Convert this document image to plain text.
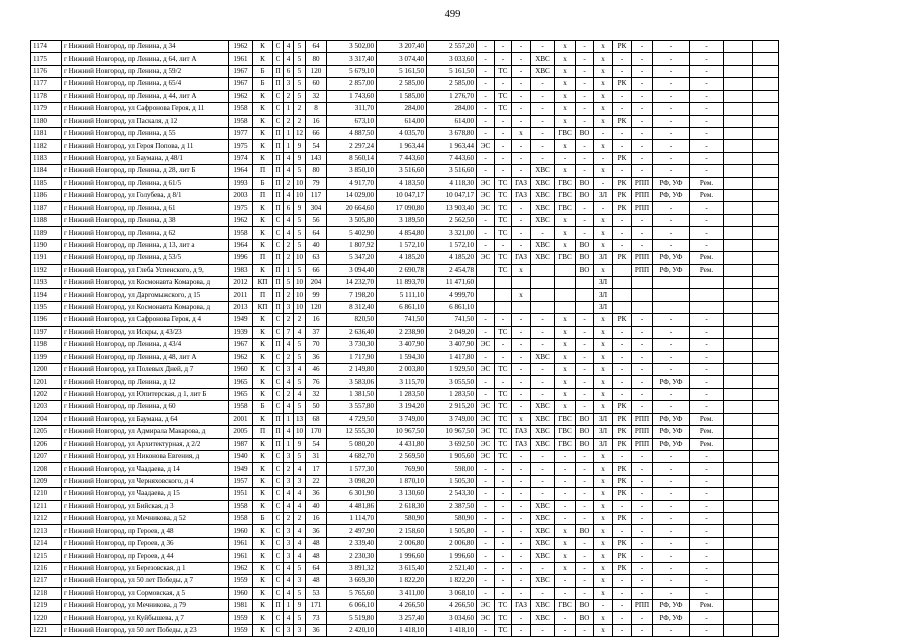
499
1174	г Нижний Новгород, пр Ленина, д 34	1962	К	С	4	5	64	3 502,00	3 207,40	2 557,20	-	-	-	-	х	-	х	РК	-	-	-		
1175	г Нижний Новгород, пр Ленина, д 64, лит А	1961	К	С	4	5	80	3 317,40	3 074,40	3 033,60	-	-	-	ХВС	х	-	х	-	-	-	-		
1176	г Нижний Новгород, пр Ленина, д 59/2	1967	Б	П	6	5	120	5 679,10	5 161,50	5 161,50	-	ТС	-	ХВС	х	-	х	-	-	-	-		
1177	г Нижний Новгород, пр Ленина, д 65/4	1967	Б	П	3	5	60	2 857,00	2 585,00	2 585,00	-	-	-	-	х	-	х	РК	-	-	-		
1178	г Нижний Новгород, пр Ленина, д 44, лит А	1962	К	С	2	5	32	1 743,60	1 585,00	1 276,70	-	ТС	-	-	х	-	х	-	-	-	-		
1179	г Нижний Новгород, ул Сафронова Героя, д 11	1958	К	С	1	2	8	311,70	284,00	284,00	-	ТС	-	-	х	-	х	-	-	-	-		
1180	г Нижний Новгород, ул Паскаля, д 12	1958	К	С	2	2	16	673,10	614,00	614,00	-	-	-	-	х	-	х	РК	-	-	-		
1181	г Нижний Новгород, пр Ленина, д 55	1977	К	П	1	12	66	4 887,50	4 035,70	3 678,80	-	-	х	-	ГВС	ВО	-	-	-	-	-		
1182	г Нижний Новгород, ул Героя Попова, д 11	1975	К	П	1	9	54	2 297,24	1 963,44	1 963,44	ЭС	-	-	-	х	-	х	-	-	-	-		
1183	г Нижний Новгород, ул Баумана, д 48/1	1974	К	П	4	9	143	8 560,14	7 443,60	7 443,60	-	-	-	-	-	-	-	РК	-	-	-		
1184	г Нижний Новгород, пр Ленина, д 28, лит Б	1964	П	П	4	5	80	3 850,10	3 516,60	3 516,60	-	-	-	ХВС	х	-	х	-	-	-	-		
1185	г Нижний Новгород, пр Ленина, д 61/5	1993	Б	П	2	10	79	4 917,70	4 183,50	4 118,30	ЭС	ТС	ГАЗ	ХВС	ГВС	ВО	-	РК	РПП	РФ, УФ	Рем.		
1186	г Нижний Новгород, ул Голубева, д 8/1	2003	П	П	4	10	117	14 029,00	10 047,17	10 047,17	ЭС	ТС	ГАЗ	ХВС	ГВС	ВО	ЗЛ	РК	РПП	РФ, УФ	Рем.		
1187	г Нижний Новгород, пр Ленина, д 61	1975	К	П	6	9	304	20 664,60	17 090,80	13 903,40	ЭС	ТС	-	ХВС	ГВС	-	-	РК	РПП	-	-		
1188	г Нижний Новгород, пр Ленина, д 38	1962	К	С	4	5	56	3 505,80	3 189,50	2 562,50	-	ТС	-	ХВС	х	-	х	-	-	-	-		
1189	г Нижний Новгород, пр Ленина, д 62	1958	К	С	4	5	64	5 402,90	4 854,80	3 321,00	-	ТС	-	-	х	-	х	-	-	-	-		
1190	г Нижний Новгород, пр Ленина, д 13, лит а	1964	К	С	2	5	40	1 807,92	1 572,10	1 572,10	-	-	-	ХВС	х	ВО	х	-	-	-	-		
1191	г Нижний Новгород, пр Ленина, д 53/5	1996	П	П	2	10	63	5 347,20	4 185,20	4 185,20	ЭС	ТС	ГАЗ	ХВС	ГВС	ВО	ЗЛ	РК	РПП	РФ, УФ	Рем.		
1192	г Нижний Новгород, ул Глеба Успенского, д 9,	1983	К	П	1	5	66	3 094,40	2 690,78	2 454,78		ТС	х			ВО	х		РПП	РФ, УФ	Рем.		
1193	г Нижний Новгород, ул Космонавта Комарова, д	2012	КП	П	5	10	204	14 232,70	11 893,70	11 471,60							ЗЛ						
1194	г Нижний Новгород, ул Даргомыжского, д 15	2011	П	П	2	10	99	7 198,20	5 111,10	4 999,70			х				ЗЛ						
1195	г Нижний Новгород, ул Космонавта Комарова, д	2013	КП	П	3	10	120	8 312,40	6 861,10	6 861,10							ЗЛ						
1196	г Нижний Новгород, ул Сафронова Героя, д 4	1949	К	С	2	2	16	820,50	741,50	741,50	-	-	-	-	х	-	х	РК	-	-	-		
1197	г Нижний Новгород, ул Искры, д 43/23	1939	К	С	7	4	37	2 636,40	2 238,90	2 049,20	-	ТС	-	-	х	-	х	-	-	-	-		
1198	г Нижний Новгород, пр Ленина, д 43/4	1967	К	П	4	5	70	3 730,30	3 407,90	3 407,90	ЭС	-	-	-	х	-	х	-	-	-	-		
1199	г Нижний Новгород, пр Ленина, д 48, лит А	1962	К	С	2	5	36	1 717,90	1 594,30	1 417,80	-	-	-	ХВС	х	-	х	-	-	-	-		
1200	г Нижний Новгород, ул Полевых Дней, д 7	1960	К	С	3	4	46	2 149,80	2 003,80	1 929,50	ЭС	ТС	-	-	х	-	х	-	-	-	-		
1201	г Нижний Новгород, пр Ленина, д 12	1965	К	С	4	5	76	3 583,06	3 115,70	3 055,50	-	-	-	-	х	-	х	-	-	РФ, УФ	-		
1202	г Нижний Новгород, ул Юпитерская, д 1, лит Б	1965	К	С	2	4	32	1 381,50	1 283,50	1 283,50	-	ТС	-	-	х	-	х	-	-	-	-		
1203	г Нижний Новгород, пр Ленина, д 60	1958	Б	С	4	5	50	3 557,80	3 194,20	2 915,20	ЭС	ТС	-	ХВС	х	-	х	РК	-	-	-		
1204	г Нижний Новгород, ул Баумана, д 64	2001	К	П	1	13	68	4 729,50	3 749,00	3 749,00	ЭС	ТС	х	ХВС	ГВС	ВО	ЗЛ	РК	РПП	РФ, УФ	Рем.		
1205	г Нижний Новгород, ул Адмирала Макарова, д	2005	П	П	4	10	170	12 555,30	10 967,50	10 967,50	ЭС	ТС	ГАЗ	ХВС	ГВС	ВО	ЗЛ	РК	РПП	РФ, УФ	Рем.		
1206	г Нижний Новгород, ул Архитектурная, д 2/2	1987	К	П	1	9	54	5 080,20	4 431,80	3 692,50	ЭС	ТС	ГАЗ	ХВС	ГВС	ВО	ЗЛ	РК	РПП	РФ, УФ	Рем.		
1207	г Нижний Новгород, ул Никонова Евгения, д	1940	К	С	3	5	31	4 682,70	2 569,50	1 905,60	ЭС	ТС	-	-	-	-	х	-	-	-	-		
1208	г Нижний Новгород, ул Чаадаева, д 14	1949	К	С	2	4	17	1 577,30	769,90	598,00	-	-	-	-	-	-	х	РК	-	-	-		
1209	г Нижний Новгород, ул Черняховского, д 4	1957	К	С	3	3	22	3 098,20	1 870,10	1 505,30	-	-	-	-	-	-	х	РК	-	-	-		
1210	г Нижний Новгород, ул Чаадаева, д 15	1951	К	С	4	4	36	6 301,90	3 130,60	2 543,30	-	-	-	-	-	-	х	РК	-	-	-		
1211	г Нижний Новгород, ул Бийская, д 3	1958	К	С	4	4	40	4 481,86	2 618,30	2 387,50	-	-	-	ХВС	-	-	х	-	-	-	-		
1212	г Нижний Новгород, ул Мечникова, д 52	1958	Б	С	2	2	16	1 114,70	580,90	580,90	-	-	-	ХВС	-	-	х	РК	-	-	-		
1213	г Нижний Новгород, пр Героев, д 48	1960	К	С	3	4	36	2 497,90	2 158,60	1 505,80	-	-	-	ХВС	х	ВО	х	-	-	-	-		
1214	г Нижний Новгород, пр Героев, д 36	1961	К	С	3	4	48	2 339,40	2 006,80	2 006,80	-	-	-	ХВС	х	-	х	РК	-	-	-		
1215	г Нижний Новгород, пр Героев, д 44	1961	К	С	3	4	48	2 230,30	1 996,60	1 996,60	-	-	-	ХВС	х	-	х	РК	-	-	-		
1216	г Нижний Новгород, ул Березовская, д 1	1962	К	С	4	5	64	3 891,32	3 615,40	2 521,40	-	-	-	-	х	-	х	РК	-	-	-		
1217	г Нижний Новгород, ул 50 лет Победы, д 7	1959	К	С	4	3	48	3 669,30	1 822,20	1 822,20	-	-	-	ХВС	-	-	х	-	-	-	-		
1218	г Нижний Новгород, ул Сормовская, д 5	1960	К	С	4	5	53	5 765,60	3 411,00	3 068,10	-	-	-	-	-	-	х	-	-	-	-		
1219	г Нижний Новгород, ул Мечникова, д 79	1981	К	П	1	9	171	6 066,10	4 266,50	4 266,50	ЭС	ТС	ГАЗ	ХВС	ГВС	ВО	-	-	РПП	РФ, УФ	Рем.		
1220	г Нижний Новгород, ул Куйбышева, д 7	1959	К	С	4	5	73	5 519,80	3 257,40	3 034,60	ЭС	ТС	-	ХВС	-	ВО	х	-	-	РФ, УФ	-		
1221	г Нижний Новгород, ул 50 лет Победы, д 23	1959	К	С	3	3	36	2 420,10	1 418,10	1 418,10	-	ТС	-	-	-	-	х	-	-	-	-		
